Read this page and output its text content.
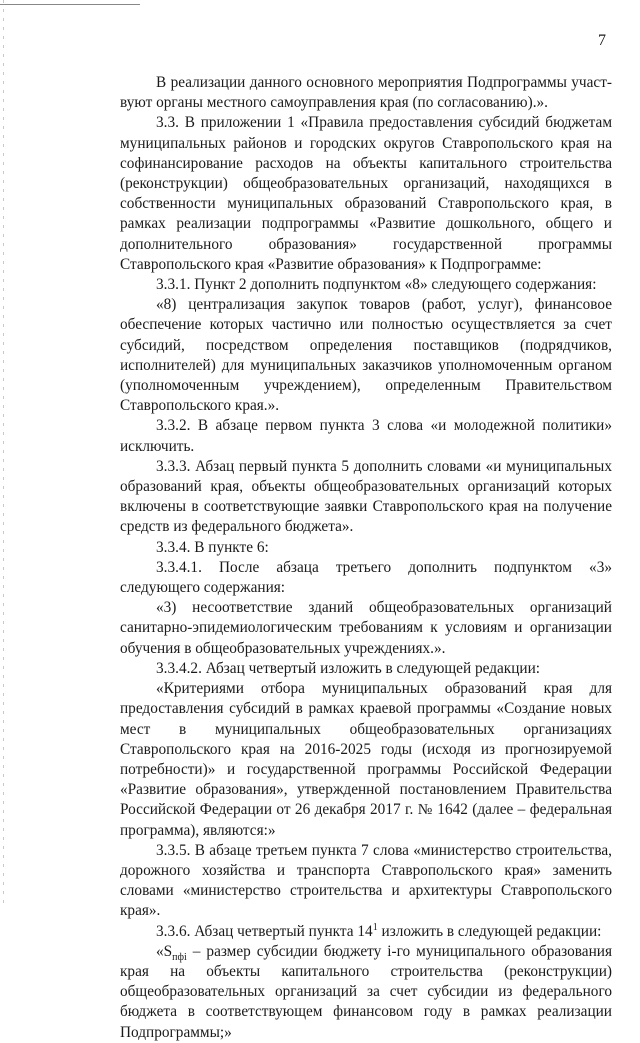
7

В реализации данного основного мероприятия Подпрограммы участвуют органы местного самоуправления края (по согласованию).».

3.3. В приложении 1 «Правила предоставления субсидий бюджетам муниципальных районов и городских округов Ставропольского края на софинансирование расходов на объекты капитального строительства (реконструкции) общеобразовательных организаций, находящихся в собственности муниципальных образований Ставропольского края, в рамках реализации подпрограммы «Развитие дошкольного, общего и дополнительного образования» государственной программы Ставропольского края «Развитие образования» к Подпрограмме:

3.3.1. Пункт 2 дополнить подпунктом «8» следующего содержания:

«8) централизация закупок товаров (работ, услуг), финансовое обеспечение которых частично или полностью осуществляется за счет субсидий, посредством определения поставщиков (подрядчиков, исполнителей) для муниципальных заказчиков уполномоченным органом (уполномоченным учреждением), определенным Правительством Ставропольского края.».

3.3.2. В абзаце первом пункта 3 слова «и молодежной политики» исключить.

3.3.3. Абзац первый пункта 5 дополнить словами «и муниципальных образований края, объекты общеобразовательных организаций которых включены в соответствующие заявки Ставропольского края на получение средств из федерального бюджета».

3.3.4. В пункте 6:

3.3.4.1. После абзаца третьего дополнить подпунктом «3» следующего содержания:

«3) несоответствие зданий общеобразовательных организаций санитарно-эпидемиологическим требованиям к условиям и организации обучения в общеобразовательных учреждениях.».

3.3.4.2. Абзац четвертый изложить в следующей редакции:

«Критериями отбора муниципальных образований края для предоставления субсидий в рамках краевой программы «Создание новых мест в муниципальных общеобразовательных организациях Ставропольского края на 2016-2025 годы (исходя из прогнозируемой потребности)» и государственной программы Российской Федерации «Развитие образования», утвержденной постановлением Правительства Российской Федерации от 26 декабря 2017 г. № 1642 (далее – федеральная программа), являются:»

3.3.5. В абзаце третьем пункта 7 слова «министерство строительства, дорожного хозяйства и транспорта Ставропольского края» заменить словами «министерство строительства и архитектуры Ставропольского края».

3.3.6. Абзац четвертый пункта $14^1$ изложить в следующей редакции:

«$S_{пфi}$ – размер субсидии бюджету i-го муниципального образования края на объекты капитального строительства (реконструкции) общеобразовательных организаций за счет субсидии из федерального бюджета в соответствующем финансовом году в рамках реализации Подпрограммы;»
